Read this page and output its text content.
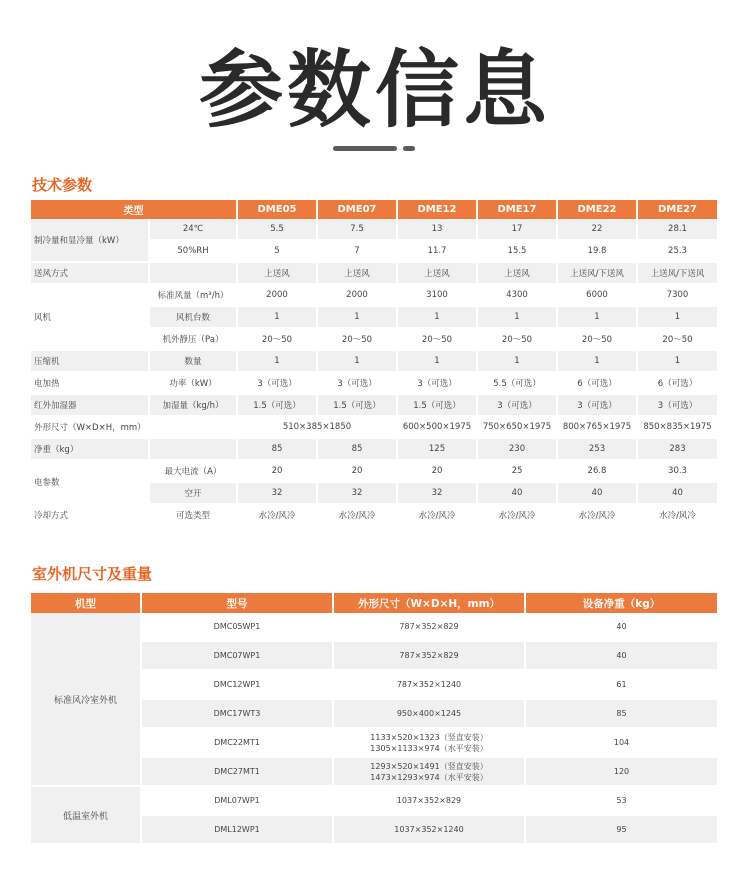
参数信息
技术参数
类型		DME05	DME07	DME12	DME17	DME22	DME27
制冷量和显冷量（kW）	24℃	5.5	7.5	13	17	22	28.1
	50%RH	5	7	11.7	15.5	19.8	25.3
送风方式		上送风	上送风	上送风	上送风	上送风/下送风	上送风/下送风
风机	标准风量（m³/h）	2000	2000	3100	4300	6000	7300
	风机台数	1	1	1	1	1	1
	机外静压（Pa）	20〜50	20〜50	20〜50	20〜50	20〜50	20〜50
压缩机	数量	1	1	1	1	1	1
电加热	功率（kW）	3（可选）	3（可选）	3（可选）	5.5（可选）	6（可选）	6（可选）
红外加湿器	加湿量（kg/h）	1.5（可选）	1.5（可选）	1.5（可选）	3（可选）	3（可选）	3（可选）
外形尺寸（W×D×H，mm）		510×385×1850		600×500×1975	750×650×1975	800×765×1975	850×835×1975
净重（kg）		85	85	125	230	253	283
电参数	最大电流（A）	20	20	20	25	26.8	30.3
	空开	32	32	32	40	40	40
冷却方式	可选类型	水冷/风冷	水冷/风冷	水冷/风冷	水冷/风冷	水冷/风冷	水冷/风冷
室外机尺寸及重量
机型	型号	外形尺寸（W×D×H，mm）	设备净重（kg）
标准风冷室外机	DMC05WP1	787×352×829	40
	DMC07WP1	787×352×829	40
	DMC12WP1	787×352×1240	61
	DMC17WT3	950×400×1245	85
	DMC22MT1	1133×520×1323（竖直安装）
1305×1133×974（水平安装）	104
	DMC27MT1	1293×520×1491（竖直安装）
1473×1293×974（水平安装）	120
低温室外机	DML07WP1	1037×352×829	53
	DML12WP1	1037×352×1240	95
